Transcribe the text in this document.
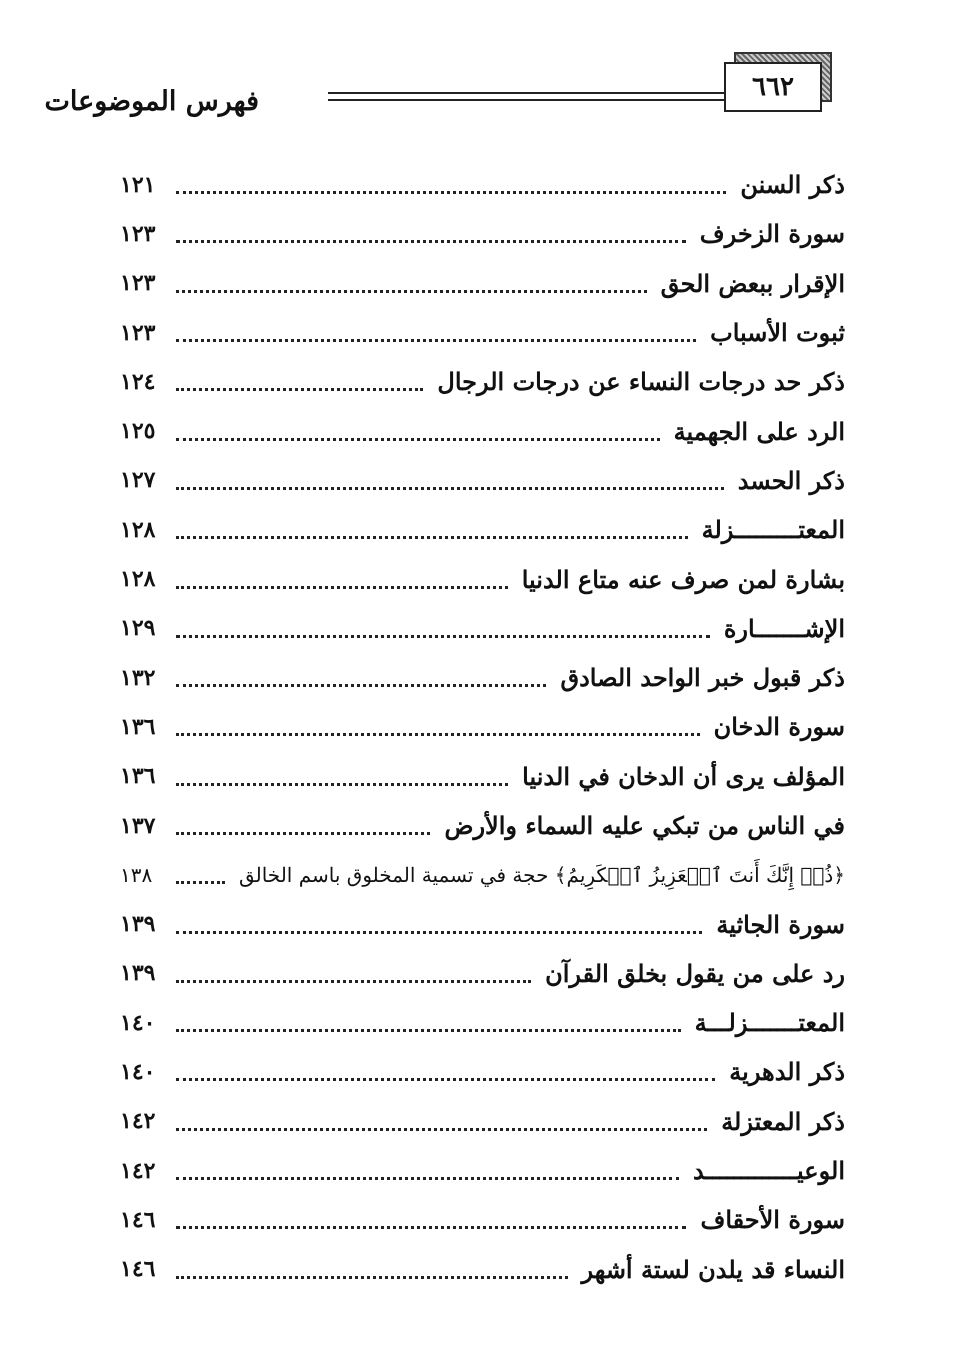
٦٦٢
فهرس الموضوعات
ذكر السنن
١٢١
سورة الزخرف
١٢٣
الإقرار ببعض الحق
١٢٣
ثبوت الأسباب
١٢٣
ذكر حد درجات النساء عن درجات الرجال
١٢٤
الرد على الجهمية
١٢٥
ذكر الحسد
١٢٧
المعتـــــــــزلة
١٢٨
بشارة لمن صرف عنه متاع الدنيا
١٢٨
الإشـــــــارة
١٢٩
ذكر قبول خبر الواحد الصادق
١٣٢
سورة الدخان
١٣٦
المؤلف يرى أن الدخان في الدنيا
١٣٦
في الناس من تبكي عليه السماء والأرض
١٣٧
﴿ذُقۡ إِنَّكَ أَنتَ ٱلۡعَزِيزُ ٱلۡكَرِيمُ﴾ حجة في تسمية المخلوق باسم الخالق
١٣٨
سورة الجاثية
١٣٩
رد على من يقول بخلق القرآن
١٣٩
المعتـــــــزلـــة
١٤٠
ذكر الدهرية
١٤٠
ذكر المعتزلة
١٤٢
الوعيـــــــــــــد
١٤٢
سورة الأحقاف
١٤٦
النساء قد يلدن لستة أشهر
١٤٦
